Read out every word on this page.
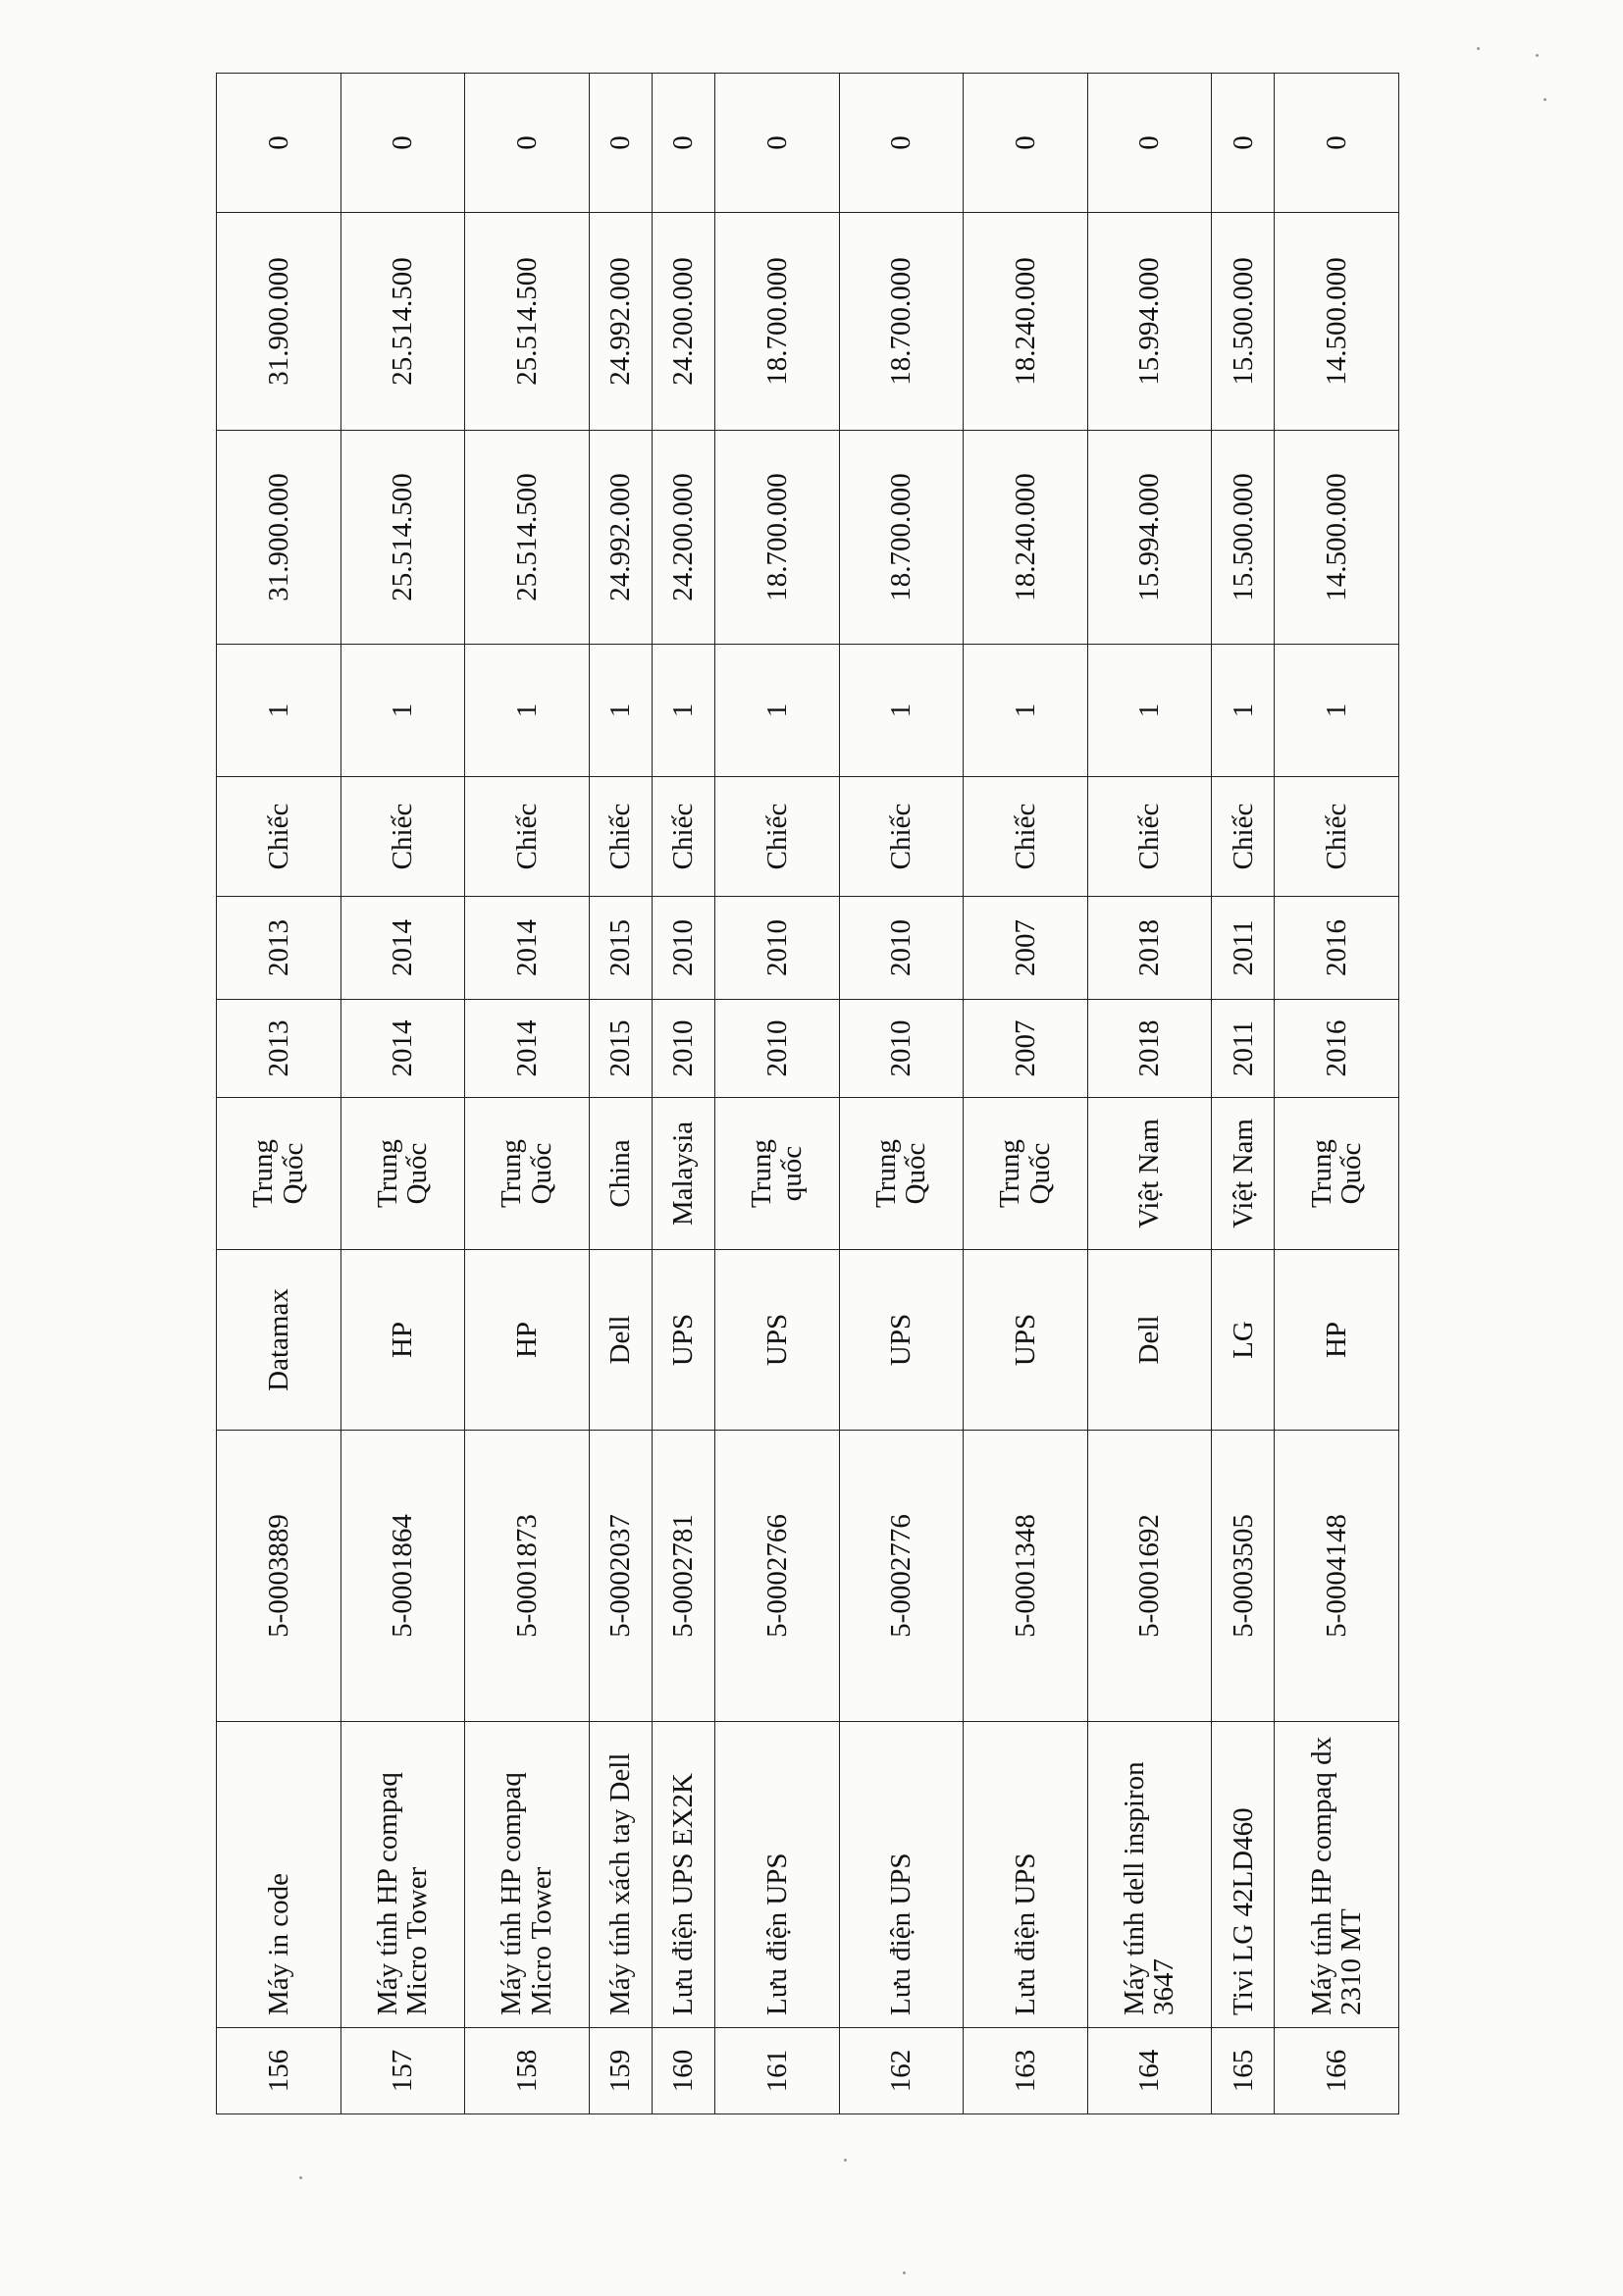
156	Máy in code	5-0003889	Datamax	Trung Quốc	2013	2013	Chiếc	1	31.900.000	31.900.000	0
157	Máy tính HP compaq Micro Tower	5-0001864	HP	Trung Quốc	2014	2014	Chiếc	1	25.514.500	25.514.500	0
158	Máy tính HP compaq Micro Tower	5-0001873	HP	Trung Quốc	2014	2014	Chiếc	1	25.514.500	25.514.500	0
159	Máy tính xách tay Dell	5-0002037	Dell	China	2015	2015	Chiếc	1	24.992.000	24.992.000	0
160	Lưu điện UPS EX2K	5-0002781	UPS	Malaysia	2010	2010	Chiếc	1	24.200.000	24.200.000	0
161	Lưu điện UPS	5-0002766	UPS	Trung quốc	2010	2010	Chiếc	1	18.700.000	18.700.000	0
162	Lưu điện UPS	5-0002776	UPS	Trung Quốc	2010	2010	Chiếc	1	18.700.000	18.700.000	0
163	Lưu điện UPS	5-0001348	UPS	Trung Quốc	2007	2007	Chiếc	1	18.240.000	18.240.000	0
164	Máy tính dell inspiron 3647	5-0001692	Dell	Việt Nam	2018	2018	Chiếc	1	15.994.000	15.994.000	0
165	Tivi LG 42LD460	5-0003505	LG	Việt Nam	2011	2011	Chiếc	1	15.500.000	15.500.000	0
166	Máy tính HP compaq dx 2310 MT	5-0004148	HP	Trung Quốc	2016	2016	Chiếc	1	14.500.000	14.500.000	0
